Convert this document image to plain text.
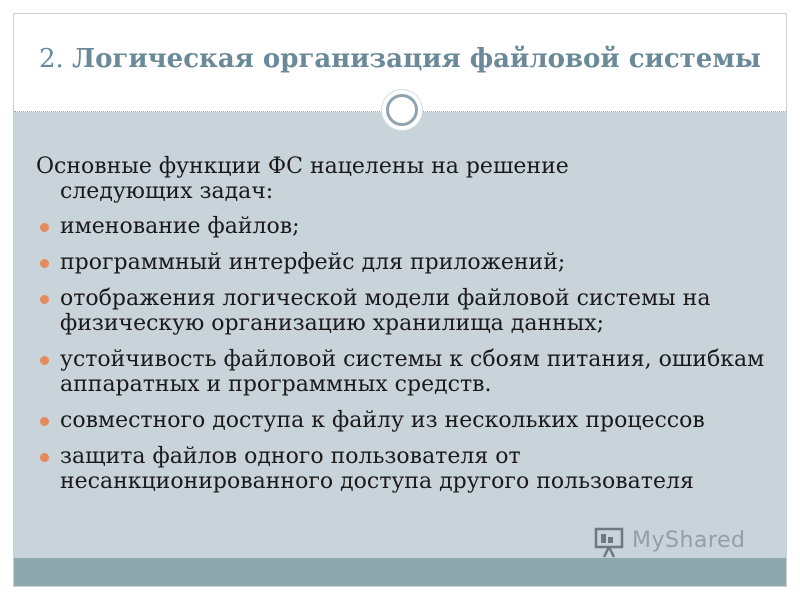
2. Логическая организация файловой системы

Основные функции ФС нацелены на решение
следующих задач:

именование файлов;
программный интерфейс для приложений;
отображения логической модели файловой системы на физическую организацию хранилища данных;
устойчивость файловой системы к сбоям питания, ошибкам аппаратных и программных средств.
совместного доступа к файлу из нескольких процессов
защита файлов одного пользователя от несанкционированного доступа другого пользователя
MyShared
